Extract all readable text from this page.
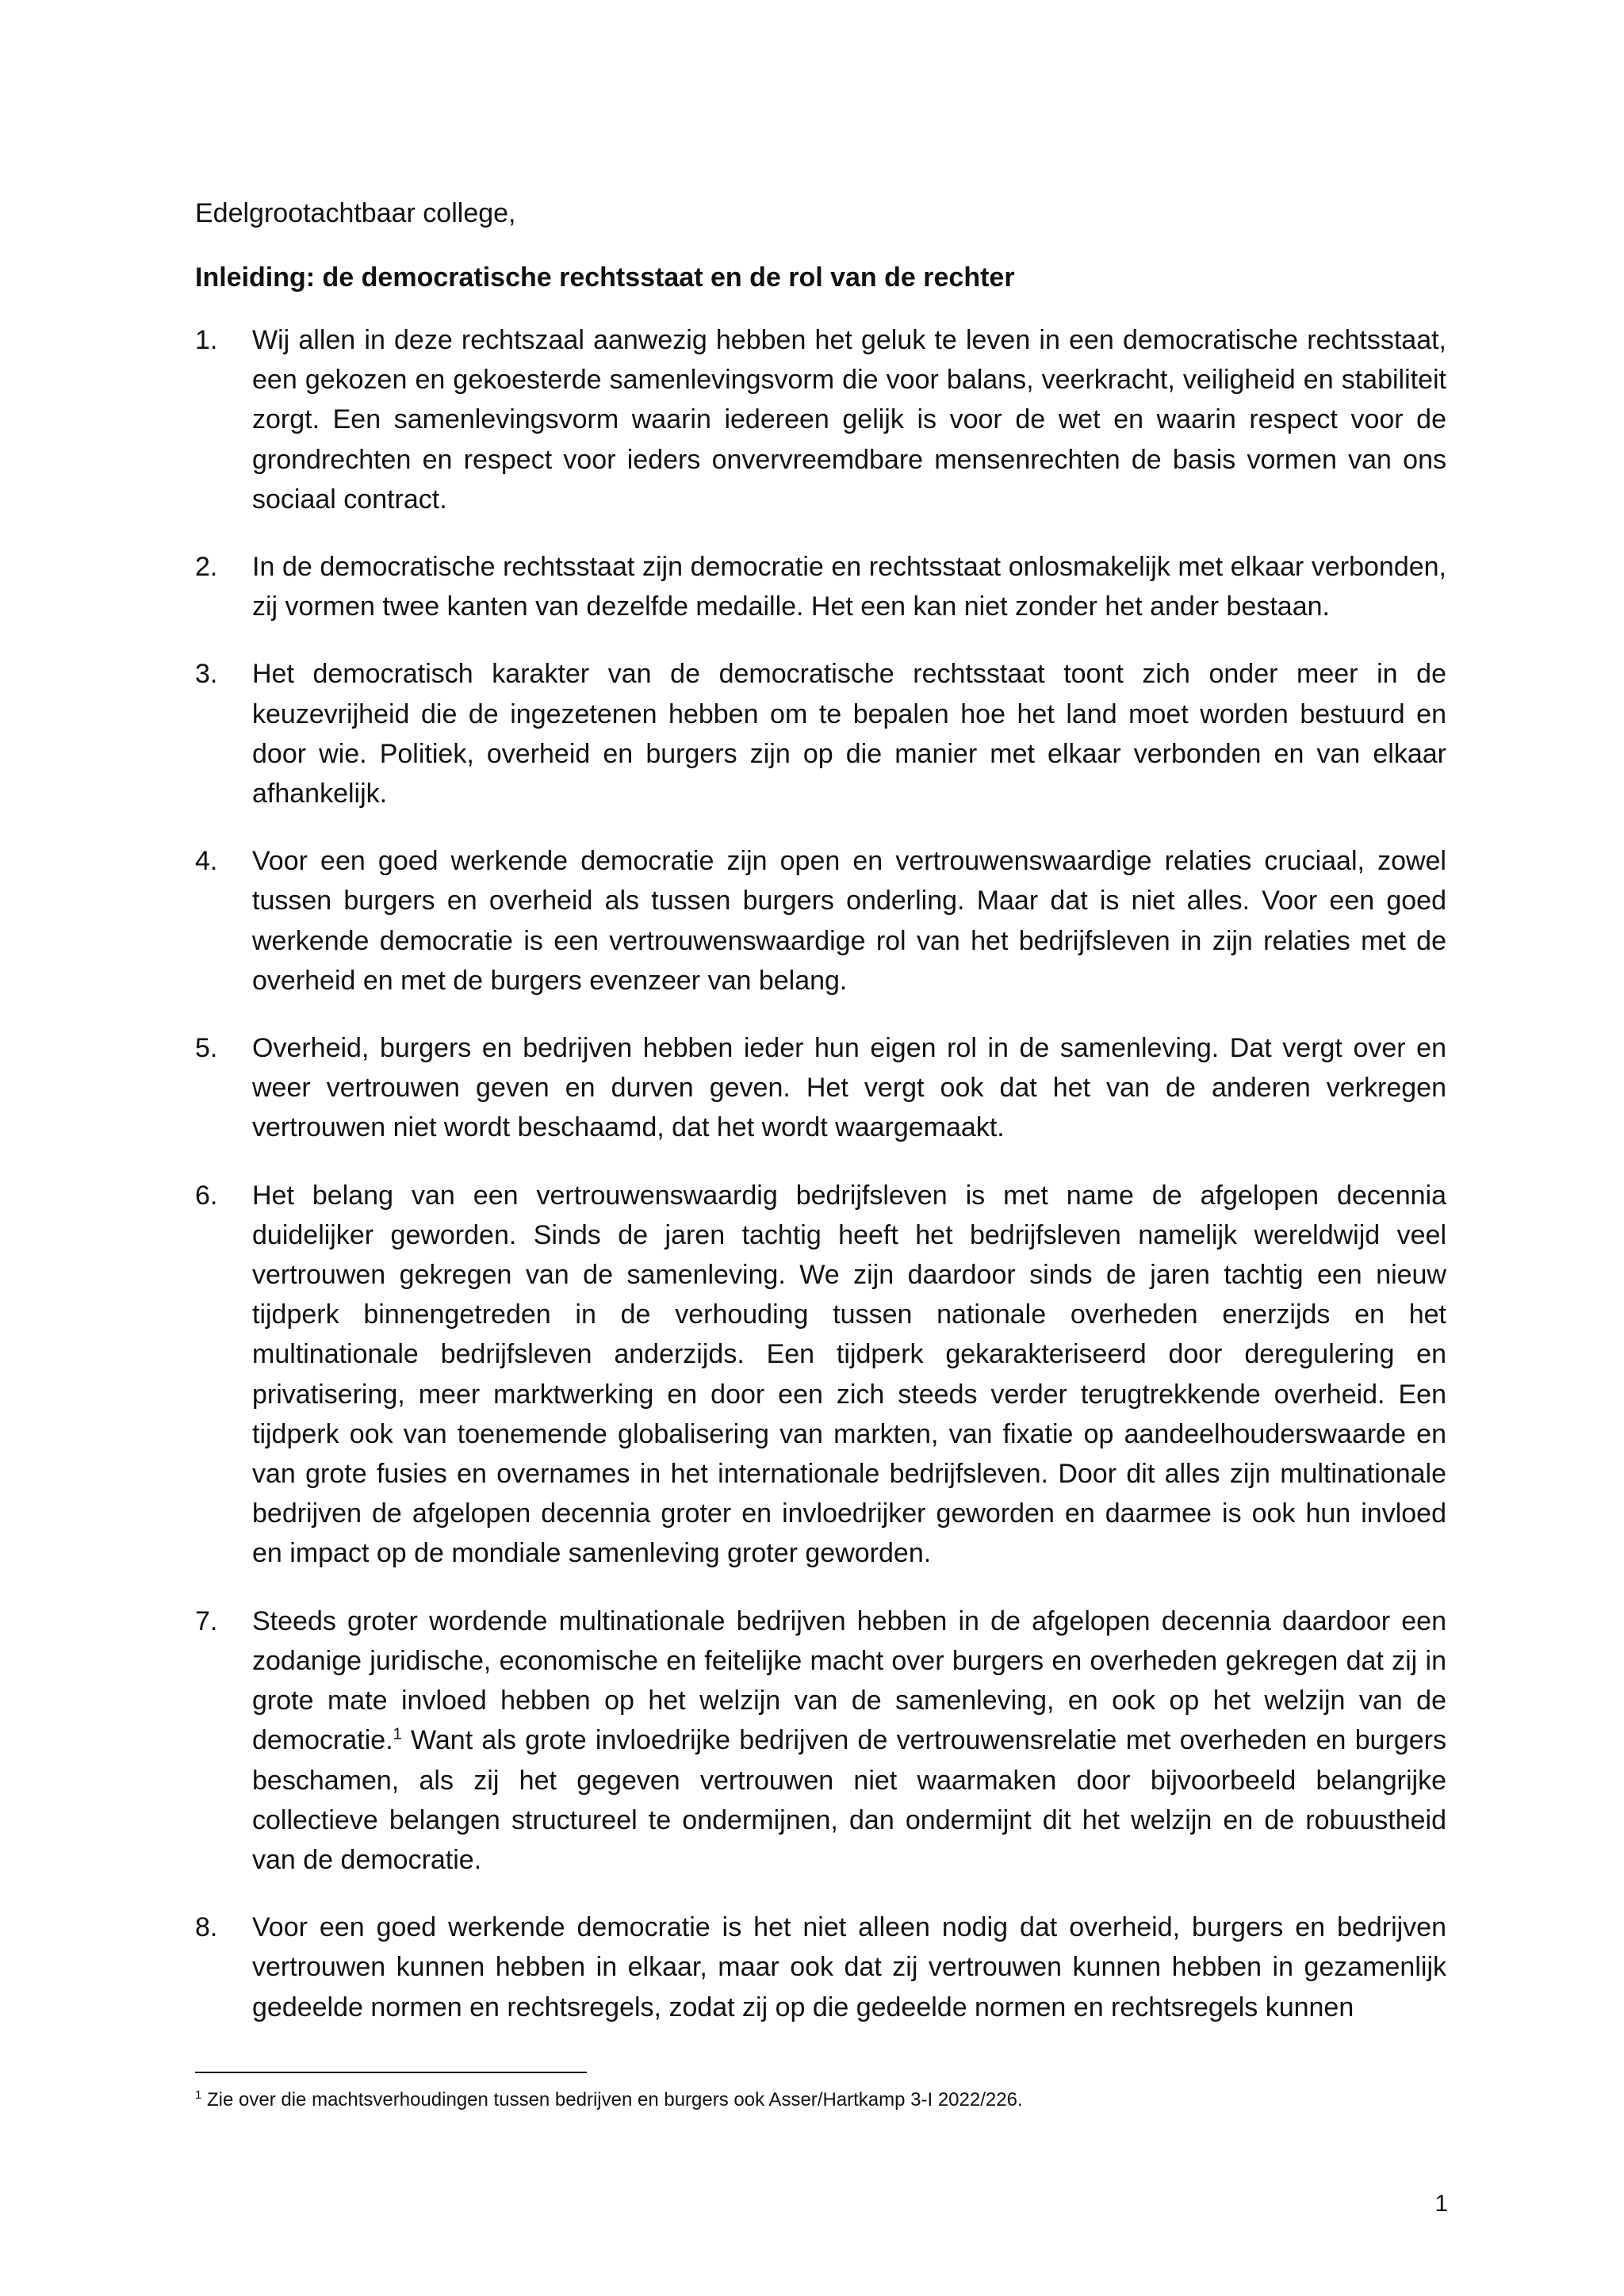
Edelgrootachtbaar college,

Inleiding: de democratische rechtsstaat en de rol van de rechter

1. Wij allen in deze rechtszaal aanwezig hebben het geluk te leven in een democratische rechtsstaat, een gekozen en gekoesterde samenlevingsvorm die voor balans, veerkracht, veiligheid en stabiliteit zorgt. Een samenlevingsvorm waarin iedereen gelijk is voor de wet en waarin respect voor de grondrechten en respect voor ieders onvervreemdbare mensenrechten de basis vormen van ons sociaal contract.
2. In de democratische rechtsstaat zijn democratie en rechtsstaat onlosmakelijk met elkaar verbonden, zij vormen twee kanten van dezelfde medaille. Het een kan niet zonder het ander bestaan.
3. Het democratisch karakter van de democratische rechtsstaat toont zich onder meer in de keuzevrijheid die de ingezetenen hebben om te bepalen hoe het land moet worden bestuurd en door wie. Politiek, overheid en burgers zijn op die manier met elkaar verbonden en van elkaar afhankelijk.
4. Voor een goed werkende democratie zijn open en vertrouwenswaardige relaties cruciaal, zowel tussen burgers en overheid als tussen burgers onderling. Maar dat is niet alles. Voor een goed werkende democratie is een vertrouwenswaardige rol van het bedrijfsleven in zijn relaties met de overheid en met de burgers evenzeer van belang.
5. Overheid, burgers en bedrijven hebben ieder hun eigen rol in de samenleving. Dat vergt over en weer vertrouwen geven en durven geven. Het vergt ook dat het van de anderen verkregen vertrouwen niet wordt beschaamd, dat het wordt waargemaakt.
6. Het belang van een vertrouwenswaardig bedrijfsleven is met name de afgelopen decennia duidelijker geworden. Sinds de jaren tachtig heeft het bedrijfsleven namelijk wereldwijd veel vertrouwen gekregen van de samenleving. We zijn daardoor sinds de jaren tachtig een nieuw tijdperk binnengetreden in de verhouding tussen nationale overheden enerzijds en het multinationale bedrijfsleven anderzijds. Een tijdperk gekarakteriseerd door deregulering en privatisering, meer marktwerking en door een zich steeds verder terugtrekkende overheid. Een tijdperk ook van toenemende globalisering van markten, van fixatie op aandeelhouderswaarde en van grote fusies en overnames in het internationale bedrijfsleven. Door dit alles zijn multinationale bedrijven de afgelopen decennia groter en invloedrijker geworden en daarmee is ook hun invloed en impact op de mondiale samenleving groter geworden.
7. Steeds groter wordende multinationale bedrijven hebben in de afgelopen decennia daardoor een zodanige juridische, economische en feitelijke macht over burgers en overheden gekregen dat zij in grote mate invloed hebben op het welzijn van de samenleving, en ook op het welzijn van de democratie.$^1$ Want als grote invloedrijke bedrijven de vertrouwensrelatie met overheden en burgers beschamen, als zij het gegeven vertrouwen niet waarmaken door bijvoorbeeld belangrijke collectieve belangen structureel te ondermijnen, dan ondermijnt dit het welzijn en de robuustheid van de democratie.
8. Voor een goed werkende democratie is het niet alleen nodig dat overheid, burgers en bedrijven vertrouwen kunnen hebben in elkaar, maar ook dat zij vertrouwen kunnen hebben in gezamenlijk gedeelde normen en rechtsregels, zodat zij op die gedeelde normen en rechtsregels kunnen

$^1$ Zie over die machtsverhoudingen tussen bedrijven en burgers ook Asser/Hartkamp 3-I 2022/226.

1
